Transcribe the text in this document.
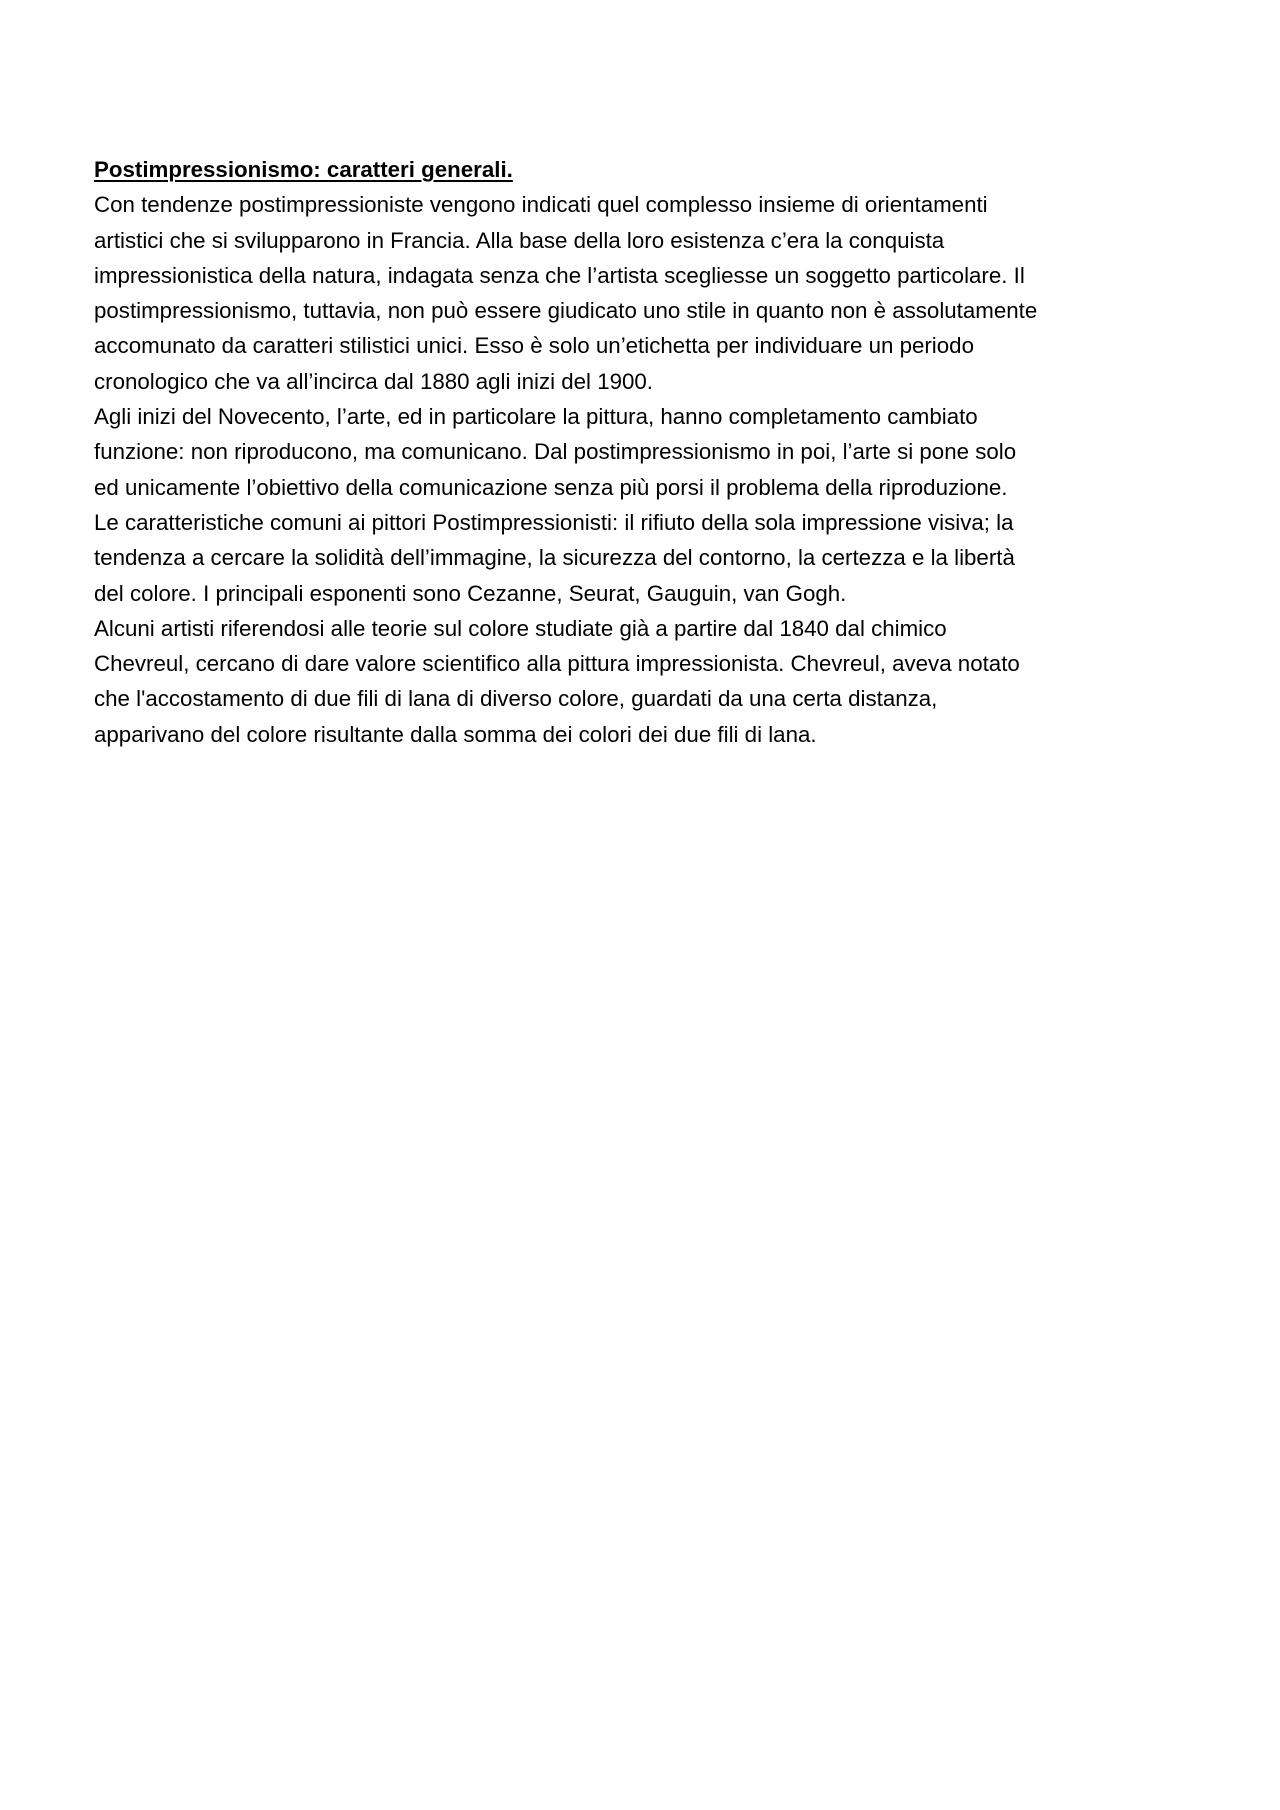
Postimpressionismo: caratteri generali.
Con tendenze postimpressioniste vengono indicati quel complesso insieme di orientamenti
artistici che si svilupparono in Francia. Alla base della loro esistenza c’era la conquista
impressionistica della natura, indagata senza che l’artista scegliesse un soggetto particolare. Il
postimpressionismo, tuttavia, non può essere giudicato uno stile in quanto non è assolutamente
accomunato da caratteri stilistici unici. Esso è solo un’etichetta per individuare un periodo
cronologico che va all’incirca dal 1880 agli inizi del 1900.
Agli inizi del Novecento, l’arte, ed in particolare la pittura, hanno completamento cambiato
funzione: non riproducono, ma comunicano. Dal postimpressionismo in poi, l’arte si pone solo
ed unicamente l’obiettivo della comunicazione senza più porsi il problema della riproduzione.
Le caratteristiche comuni ai pittori Postimpressionisti: il rifiuto della sola impressione visiva; la
tendenza a cercare la solidità dell’immagine, la sicurezza del contorno, la certezza e la libertà
del colore. I principali esponenti sono Cezanne, Seurat, Gauguin, van Gogh.
Alcuni artisti riferendosi alle teorie sul colore studiate già a partire dal 1840 dal chimico
Chevreul, cercano di dare valore scientifico alla pittura impressionista. Chevreul, aveva notato
che l'accostamento di due fili di lana di diverso colore, guardati da una certa distanza,
apparivano del colore risultante dalla somma dei colori dei due fili di lana.
